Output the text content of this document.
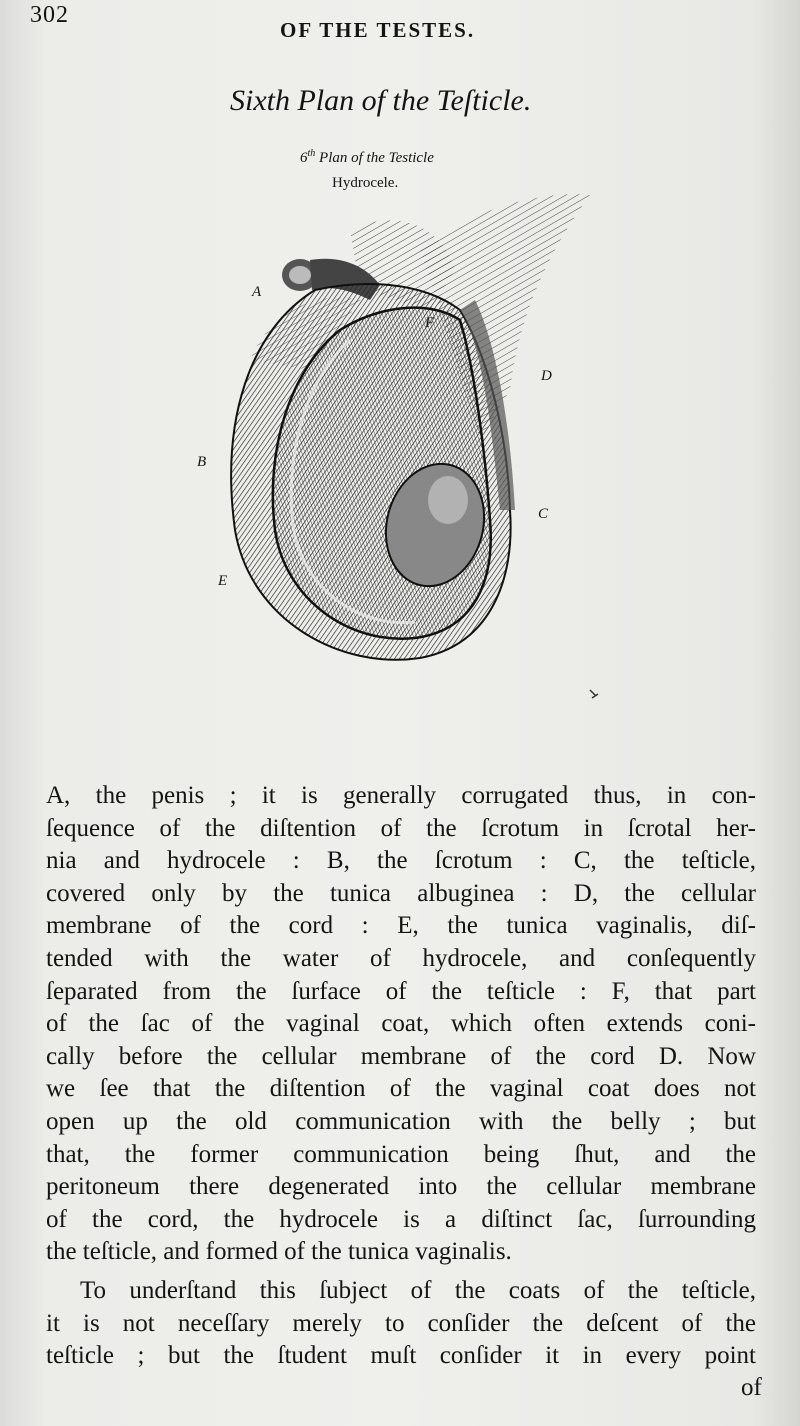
302
OF THE TESTES.
Sixth Plan of the Teſticle.
6th Plan of the Testicle
Hydrocele.
A
B
C
D
E
F
A, the penis ; it is generally corrugated thus, in con-
ſequence of the diſtention of the ſcrotum in ſcrotal her-
nia and hydrocele : B, the ſcrotum : C, the teſticle,
covered only by the tunica albuginea : D, the cellular
membrane of the cord : E, the tunica vaginalis, diſ-
tended with the water of hydrocele, and conſequently
ſeparated from the ſurface of the teſticle : F, that part
of the ſac of the vaginal coat, which often extends coni-
cally before the cellular membrane of the cord D. Now
we ſee that the diſtention of the vaginal coat does not
open up the old communication with the belly ; but
that, the former communication being ſhut, and the
peritoneum there degenerated into the cellular membrane
of the cord, the hydrocele is a diſtinct ſac, ſurrounding
the teſticle, and formed of the tunica vaginalis.
To underſtand this ſubject of the coats of the teſticle,
it is not neceſſary merely to conſider the deſcent of the
teſticle ; but the ſtudent muſt conſider it in every point
of
